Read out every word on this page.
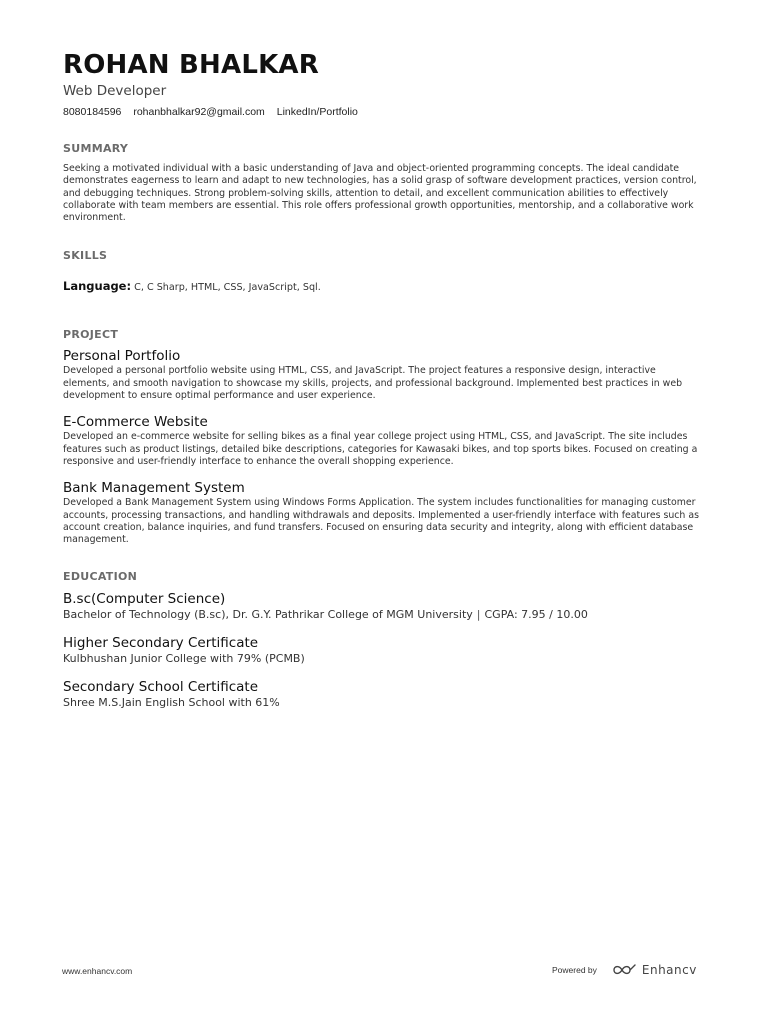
ROHAN BHALKAR
Web Developer
8080184596 rohanbhalkar92@gmail.com LinkedIn/Portfolio
SUMMARY
Seeking a motivated individual with a basic understanding of Java and object-oriented programming concepts. The ideal candidate demonstrates eagerness to learn and adapt to new technologies, has a solid grasp of software development practices, version control, and debugging techniques. Strong problem-solving skills, attention to detail, and excellent communication abilities to effectively collaborate with team members are essential. This role offers professional growth opportunities, mentorship, and a collaborative work environment.
SKILLS
Language: C, C Sharp, HTML, CSS, JavaScript, Sql.
PROJECT
Personal Portfolio
Developed a personal portfolio website using HTML, CSS, and JavaScript. The project features a responsive design, interactive elements, and smooth navigation to showcase my skills, projects, and professional background. Implemented best practices in web development to ensure optimal performance and user experience.
E-Commerce Website
Developed an e-commerce website for selling bikes as a final year college project using HTML, CSS, and JavaScript. The site includes features such as product listings, detailed bike descriptions, categories for Kawasaki bikes, and top sports bikes. Focused on creating a responsive and user-friendly interface to enhance the overall shopping experience.
Bank Management System
Developed a Bank Management System using Windows Forms Application. The system includes functionalities for managing customer accounts, processing transactions, and handling withdrawals and deposits. Implemented a user-friendly interface with features such as account creation, balance inquiries, and fund transfers. Focused on ensuring data security and integrity, along with efficient database management.
EDUCATION
B.sc(Computer Science)
Bachelor of Technology (B.sc), Dr. G.Y. Pathrikar College of MGM University | CGPA: 7.95 / 10.00
Higher Secondary Certificate
Kulbhushan Junior College with 79% (PCMB)
Secondary School Certificate
Shree M.S.Jain English School with 61%
www.enhancv.com	Powered by	Enhancv
